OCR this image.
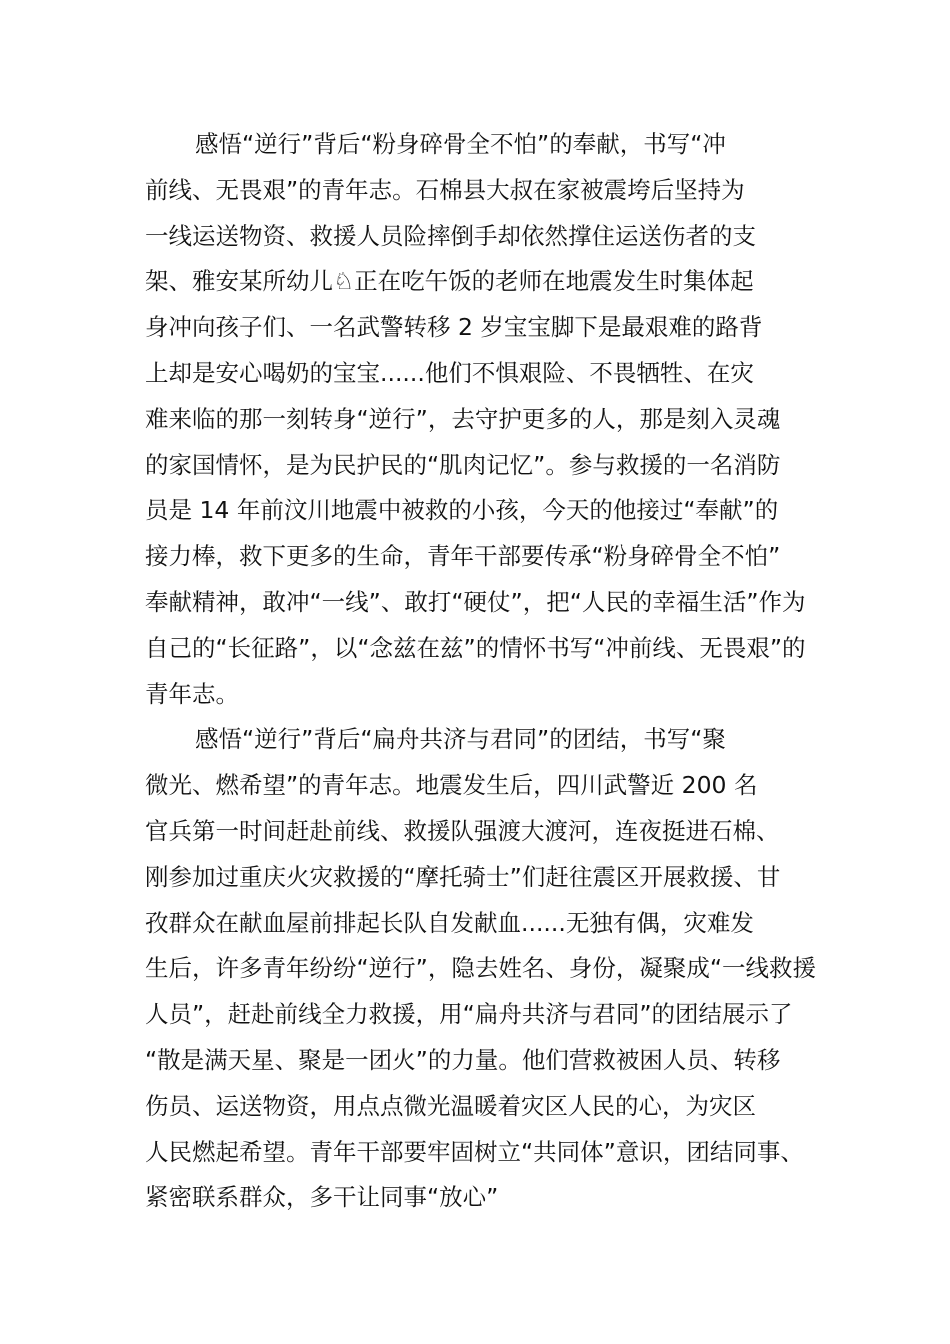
感悟“逆行”背后“粉身碎骨全不怕”的奉献，书写“冲
前线、无畏艰”的青年志。石棉县大叔在家被震垮后坚持为
一线运送物资、救援人员险摔倒手却依然撑住运送伤者的支
架、雅安某所幼儿♘正在吃午饭的老师在地震发生时集体起
身冲向孩子们、一名武警转移 2 岁宝宝脚下是最艰难的路背
上却是安心喝奶的宝宝......他们不惧艰险、不畏牺牲、在灾
难来临的那一刻转身“逆行”，去守护更多的人，那是刻入灵魂
的家国情怀，是为民护民的“肌肉记忆”。参与救援的一名消防
员是 14 年前汶川地震中被救的小孩，今天的他接过“奉献”的
接力棒，救下更多的生命，青年干部要传承“粉身碎骨全不怕”
奉献精神，敢冲“一线”、敢打“硬仗”，把“人民的幸福生活”作为
自己的“长征路”，以“念兹在兹”的情怀书写“冲前线、无畏艰”的
青年志。
感悟“逆行”背后“扁舟共济与君同”的团结，书写“聚
微光、燃希望”的青年志。地震发生后，四川武警近 200 名
官兵第一时间赶赴前线、救援队强渡大渡河，连夜挺进石棉、
刚参加过重庆火灾救援的“摩托骑士”们赶往震区开展救援、甘
孜群众在献血屋前排起长队自发献血......无独有偶，灾难发
生后，许多青年纷纷“逆行”，隐去姓名、身份，凝聚成“一线救援
人员”，赶赴前线全力救援，用“扁舟共济与君同”的团结展示了
“散是满天星、聚是一团火”的力量。他们营救被困人员、转移
伤员、运送物资，用点点微光温暖着灾区人民的心，为灾区
人民燃起希望。青年干部要牢固树立“共同体”意识，团结同事、
紧密联系群众，多干让同事“放心”
